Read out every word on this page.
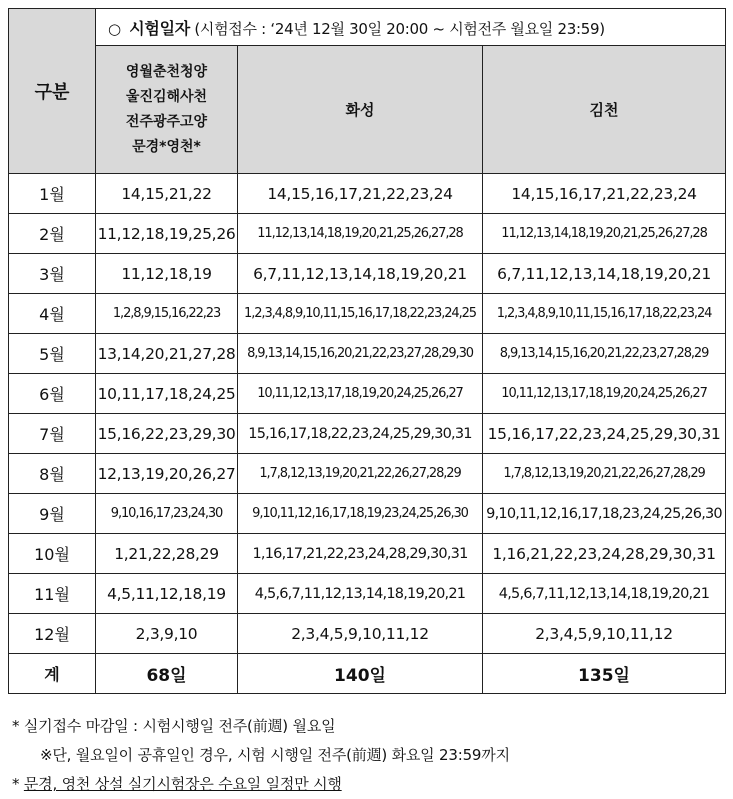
구분	○ 시험일자 (시험접수 : ‘24년 12월 30일 20:00 ~ 시험전주 월요일 23:59)		

	영월춘천청양
울진김해사천
전주광주고양
문경*영천*	화성	김천
1월	14,15,21,22	14,15,16,17,21,22,23,24	14,15,16,17,21,22,23,24
2월	11,12,18,19,25,26	11,12,13,14,18,19,20,21,25,26,27,28	11,12,13,14,18,19,20,21,25,26,27,28
3월	11,12,18,19	6,7,11,12,13,14,18,19,20,21	6,7,11,12,13,14,18,19,20,21
4월	1,2,8,9,15,16,22,23	1,2,3,4,8,9,10,11,15,16,17,18,22,23,24,25	1,2,3,4,8,9,10,11,15,16,17,18,22,23,24
5월	13,14,20,21,27,28	8,9,13,14,15,16,20,21,22,23,27,28,29,30	8,9,13,14,15,16,20,21,22,23,27,28,29
6월	10,11,17,18,24,25	10,11,12,13,17,18,19,20,24,25,26,27	10,11,12,13,17,18,19,20,24,25,26,27
7월	15,16,22,23,29,30	15,16,17,18,22,23,24,25,29,30,31	15,16,17,22,23,24,25,29,30,31
8월	12,13,19,20,26,27	1,7,8,12,13,19,20,21,22,26,27,28,29	1,7,8,12,13,19,20,21,22,26,27,28,29
9월	9,10,16,17,23,24,30	9,10,11,12,16,17,18,19,23,24,25,26,30	9,10,11,12,16,17,18,23,24,25,26,30
10월	1,21,22,28,29	1,16,17,21,22,23,24,28,29,30,31	1,16,21,22,23,24,28,29,30,31
11월	4,5,11,12,18,19	4,5,6,7,11,12,13,14,18,19,20,21	4,5,6,7,11,12,13,14,18,19,20,21
12월	2,3,9,10	2,3,4,5,9,10,11,12	2,3,4,5,9,10,11,12
계	68일	140일	135일
* 실기접수 마감일 : 시험시행일 전주(前週) 월요일
※단, 월요일이 공휴일인 경우, 시험 시행일 전주(前週) 화요일 23:59까지
* 문경, 영천 상설 실기시험장은 수요일 일정만 시행
